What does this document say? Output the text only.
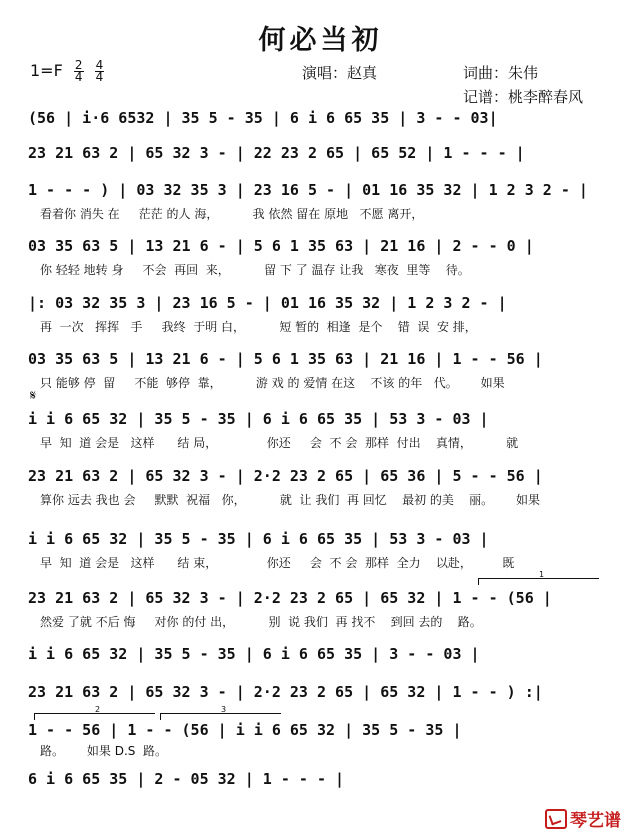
何必当初
$1=F \frac{2}{4}$
$\frac{4}{4}$	演唱：赵真	词曲：朱伟
记谱：桃李醉春风
(56 | i·6 6532 | 35 5 - 35 | 6 i 6 65 35 | 3 - - 03|
23 21 63 2 | 65 32 3 - | 22 23 2 65 | 65 52 | 1 - - - |
1 - - - ) | 03 32 35 3 | 23 16 5 - | 01 16 35 32 | 1 2 3 2 - |
03 35 63 5 | 13 21 6 - | 5 6 1 35 63 | 21 16 | 2 - - 0 |
|: 03 32 35 3 | 23 16 5 - | 01 16 35 32 | 1 2 3 2 - |
03 35 63 5 | 13 21 6 - | 5 6 1 35 63 | 21 16 | 1 - - 56 |
i i 6 65 32 | 35 5 - 35 | 6 i 6 65 35 | 53 3 - 03 |
23 21 63 2 | 65 32 3 - | 2·2 23 2 65 | 65 36 | 5 - - 56 |
i i 6 65 32 | 35 5 - 35 | 6 i 6 65 35 | 53 3 - 03 |
23 21 63 2 | 65 32 3 - | 2·2 23 2 65 | 65 32 | 1 - - (56 |
i i 6 65 32 | 35 5 - 35 | 6 i 6 65 35 | 3 - - 03 |
23 21 63 2 | 65 32 3 - | 2·2 23 2 65 | 65 32 | 1 - - ) :|
1 - - 56 | 1 - - (56 | i i 6 65 32 | 35 5 - 35 |
6 i 6 65 35 | 2 - 05 32 | 1 - - - |
看着你 消失 在     茫茫 的人 海，         我 依然 留在 原地   不愿 离开，
你 轻轻 地转 身     不会  再回  来，         留 下 了 温存 让我   寒夜  里等    待。
再  一次   挥挥   手     我终  于明 白，         短 暂的  相逢  是个    错  误  安 排，
只 能够 停  留     不能  够停  靠，         游 戏 的 爱情 在这    不该 的年   代。      如果
早  知  道 会是   这样      结 局，             你还     会  不 会  那样  付出    真情，         就
算你 远去 我也 会     默默  祝福   你，         就  让 我们  再 回忆    最初 的美    丽。      如果
早  知  道 会是   这样      结 束，             你还     会  不 会  那样  全力    以赴，        既
然爱 了就 不后 悔     对你 的付 出，         别  说 我们  再 找不    到回 去的    路。
路。      如果 D.S  路。
𝄋
1
2	3
琴艺谱
